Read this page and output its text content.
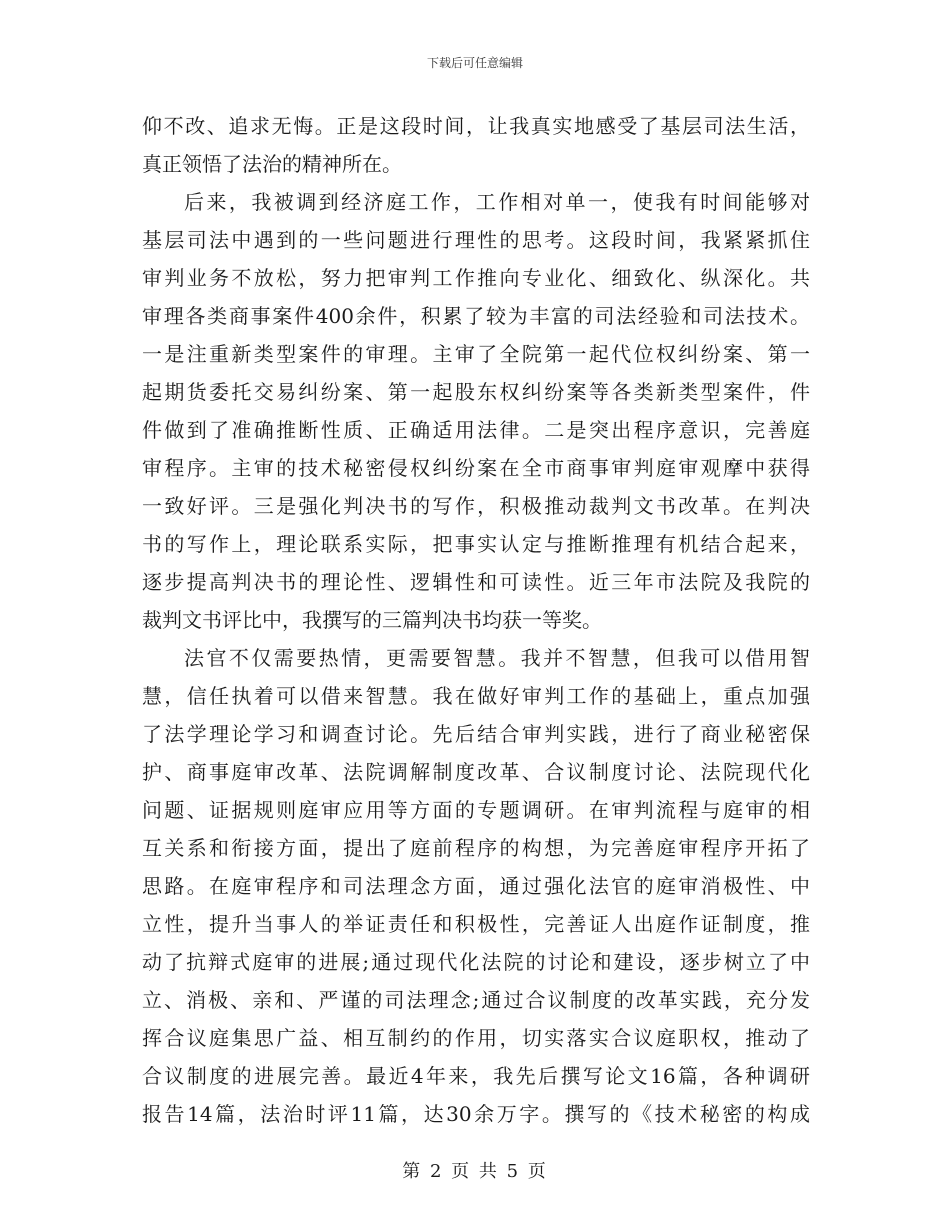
下载后可任意编辑
仰不改、追求无悔。正是这段时间，让我真实地感受了基层司法生活，
真正领悟了法治的精神所在。
后来，我被调到经济庭工作，工作相对单一，使我有时间能够对
基层司法中遇到的一些问题进行理性的思考。这段时间，我紧紧抓住
审判业务不放松，努力把审判工作推向专业化、细致化、纵深化。共
审理各类商事案件400余件，积累了较为丰富的司法经验和司法技术。
一是注重新类型案件的审理。主审了全院第一起代位权纠纷案、第一
起期货委托交易纠纷案、第一起股东权纠纷案等各类新类型案件，件
件做到了准确推断性质、正确适用法律。二是突出程序意识，完善庭
审程序。主审的技术秘密侵权纠纷案在全市商事审判庭审观摩中获得
一致好评。三是强化判决书的写作，积极推动裁判文书改革。在判决
书的写作上，理论联系实际，把事实认定与推断推理有机结合起来，
逐步提高判决书的理论性、逻辑性和可读性。近三年市法院及我院的
裁判文书评比中，我撰写的三篇判决书均获一等奖。
法官不仅需要热情，更需要智慧。我并不智慧，但我可以借用智
慧，信任执着可以借来智慧。我在做好审判工作的基础上，重点加强
了法学理论学习和调查讨论。先后结合审判实践，进行了商业秘密保
护、商事庭审改革、法院调解制度改革、合议制度讨论、法院现代化
问题、证据规则庭审应用等方面的专题调研。在审判流程与庭审的相
互关系和衔接方面，提出了庭前程序的构想，为完善庭审程序开拓了
思路。在庭审程序和司法理念方面，通过强化法官的庭审消极性、中
立性，提升当事人的举证责任和积极性，完善证人出庭作证制度，推
动了抗辩式庭审的进展;通过现代化法院的讨论和建设，逐步树立了中
立、消极、亲和、严谨的司法理念;通过合议制度的改革实践，充分发
挥合议庭集思广益、相互制约的作用，切实落实合议庭职权，推动了
合议制度的进展完善。最近4年来，我先后撰写论文16篇，各种调研
报告14篇，法治时评11篇，达30余万字。撰写的《技术秘密的构成
第 2 页 共 5 页
